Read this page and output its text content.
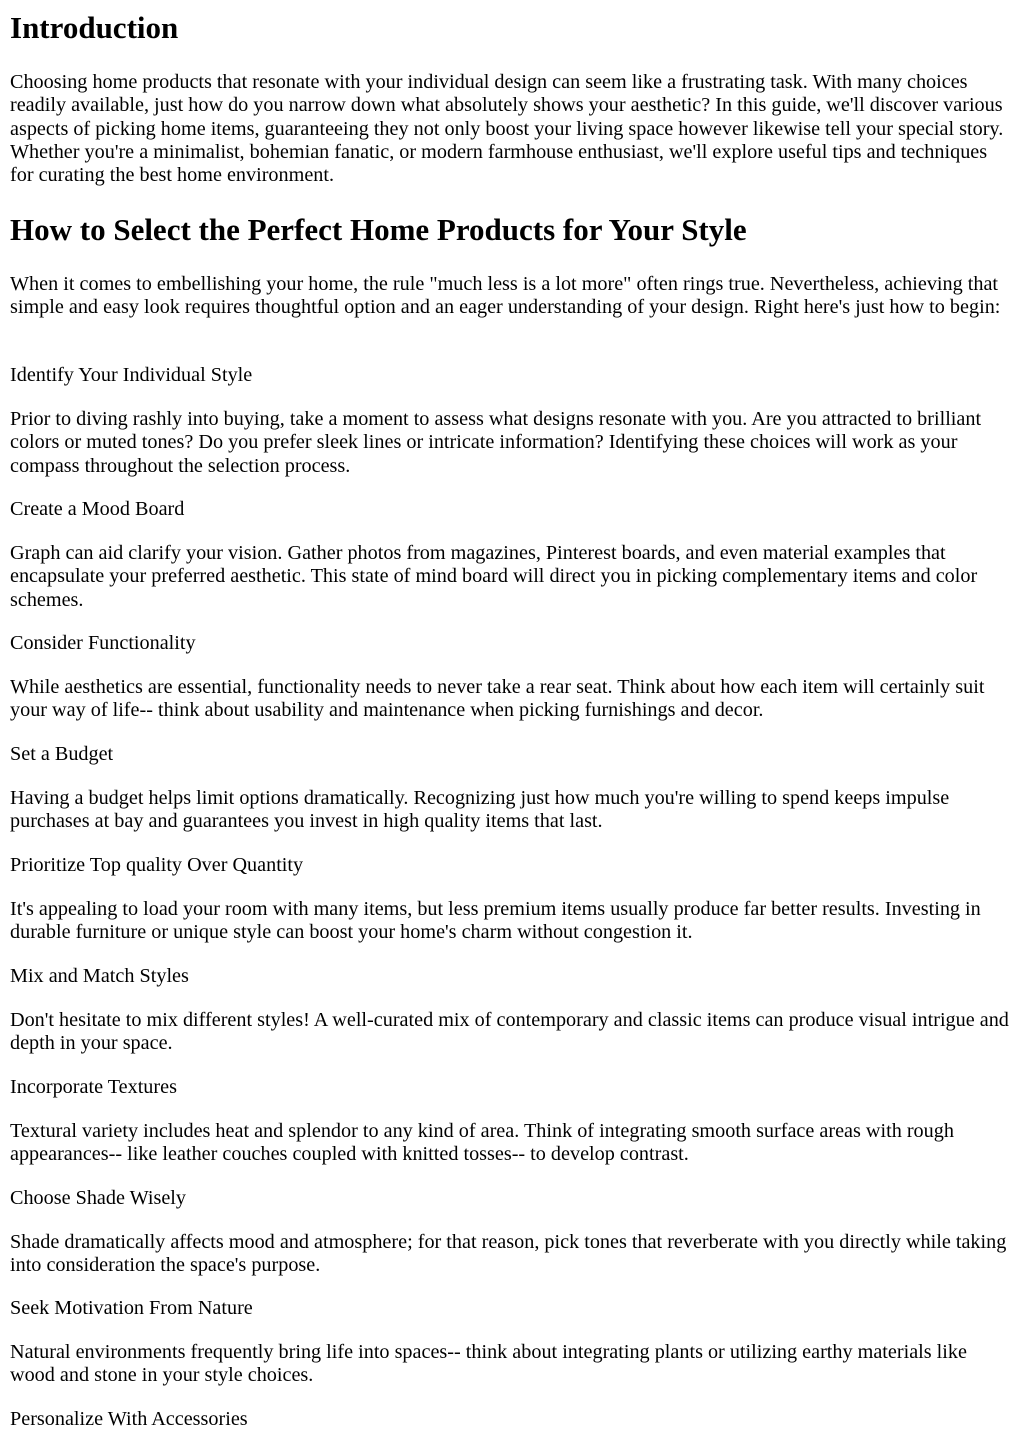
Introduction

Choosing home products that resonate with your individual design can seem like a frustrating task. With many choices readily available, just how do you narrow down what absolutely shows your aesthetic? In this guide, we'll discover various aspects of picking home items, guaranteeing they not only boost your living space however likewise tell your special story. Whether you're a minimalist, bohemian fanatic, or modern farmhouse enthusiast, we'll explore useful tips and techniques for curating the best home environment.

How to Select the Perfect Home Products for Your Style

When it comes to embellishing your home, the rule "much less is a lot more" often rings true. Nevertheless, achieving that simple and easy look requires thoughtful option and an eager understanding of your design. Right here's just how to begin:

Identify Your Individual Style

Prior to diving rashly into buying, take a moment to assess what designs resonate with you. Are you attracted to brilliant colors or muted tones? Do you prefer sleek lines or intricate information? Identifying these choices will work as your compass throughout the selection process.

Create a Mood Board

Graph can aid clarify your vision. Gather photos from magazines, Pinterest boards, and even material examples that encapsulate your preferred aesthetic. This state of mind board will direct you in picking complementary items and color schemes.

Consider Functionality

While aesthetics are essential, functionality needs to never take a rear seat. Think about how each item will certainly suit your way of life-- think about usability and maintenance when picking furnishings and decor.

Set a Budget

Having a budget helps limit options dramatically. Recognizing just how much you're willing to spend keeps impulse purchases at bay and guarantees you invest in high quality items that last.

Prioritize Top quality Over Quantity

It's appealing to load your room with many items, but less premium items usually produce far better results. Investing in durable furniture or unique style can boost your home's charm without congestion it.

Mix and Match Styles

Don't hesitate to mix different styles! A well-curated mix of contemporary and classic items can produce visual intrigue and depth in your space.

Incorporate Textures

Textural variety includes heat and splendor to any kind of area. Think of integrating smooth surface areas with rough appearances-- like leather couches coupled with knitted tosses-- to develop contrast.

Choose Shade Wisely

Shade dramatically affects mood and atmosphere; for that reason, pick tones that reverberate with you directly while taking into consideration the space's purpose.

Seek Motivation From Nature

Natural environments frequently bring life into spaces-- think about integrating plants or utilizing earthy materials like wood and stone in your style choices.

Personalize With Accessories
